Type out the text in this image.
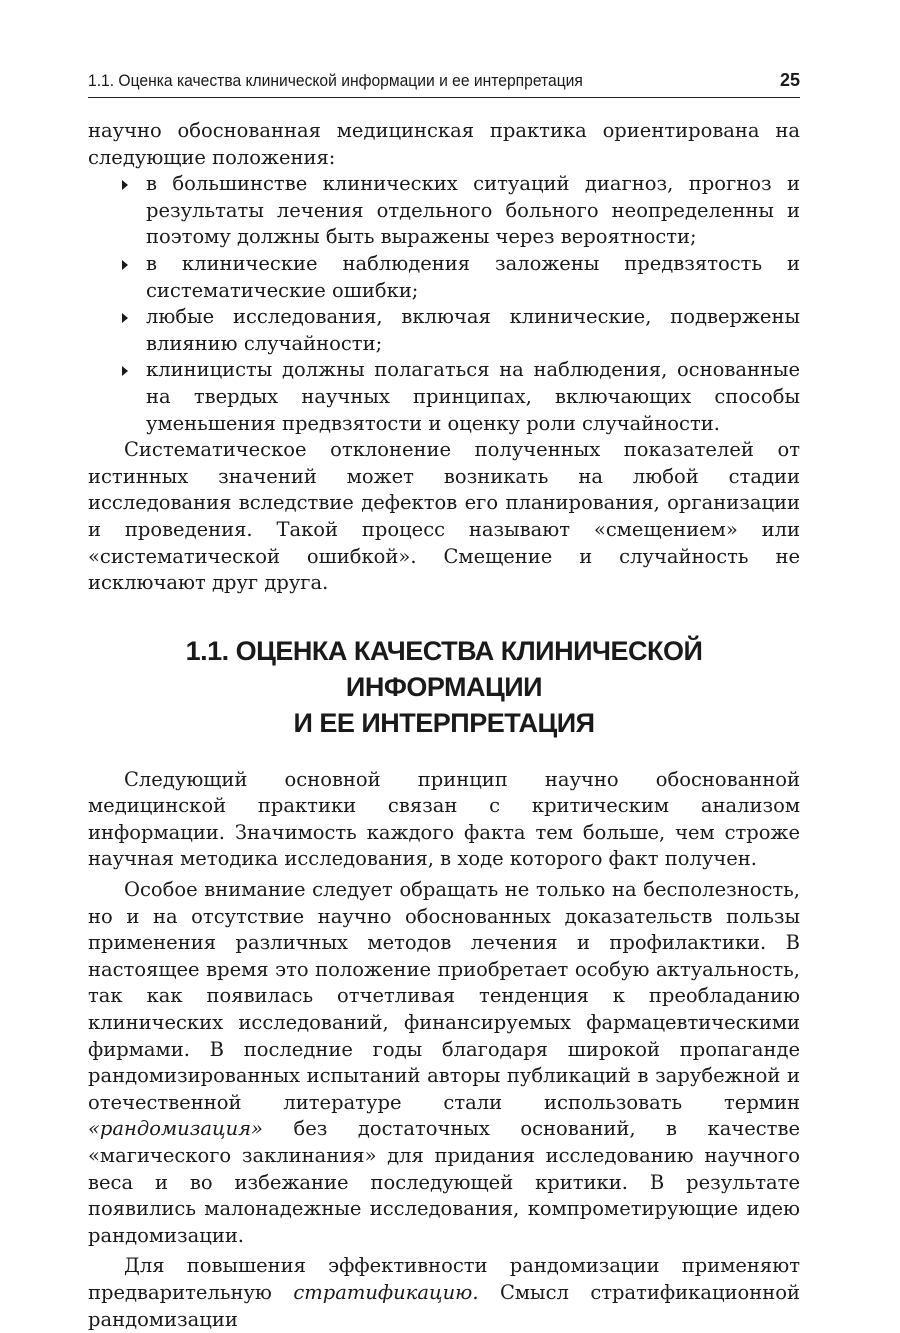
1.1. Оценка качества клинической информации и ее интерпретация	25

научно обоснованная медицинская практика ориентирована на следующие положения:

в большинстве клинических ситуаций диагноз, прогноз и результаты лечения отдельного больного неопределенны и поэтому должны быть выражены через вероятности;
в клинические наблюдения заложены предвзятость и систематические ошибки;
любые исследования, включая клинические, подвержены влиянию случайности;
клиницисты должны полагаться на наблюдения, основанные на твердых научных принципах, включающих способы уменьшения предвзятости и оценку роли случайности.

Систематическое отклонение полученных показателей от истинных значений может возникать на любой стадии исследования вследствие дефектов его планирования, организации и проведения. Такой процесс называют «смещением» или «систематической ошибкой». Смещение и случайность не исключают друг друга.

1.1. ОЦЕНКА КАЧЕСТВА КЛИНИЧЕСКОЙ ИНФОРМАЦИИ
И ЕЕ ИНТЕРПРЕТАЦИЯ

Следующий основной принцип научно обоснованной медицинской практики связан с критическим анализом информации. Значимость каждого факта тем больше, чем строже научная методика исследования, в ходе которого факт получен.

Особое внимание следует обращать не только на бесполезность, но и на отсутствие научно обоснованных доказательств пользы применения различных методов лечения и профилактики. В настоящее время это положение приобретает особую актуальность, так как появилась отчетливая тенденция к преобладанию клинических исследований, финансируемых фармацевтическими фирмами. В последние годы благодаря широкой пропаганде рандомизированных испытаний авторы публикаций в зарубежной и отечественной литературе стали использовать термин «рандомизация» без достаточных оснований, в качестве «магического заклинания» для придания исследованию научного веса и во избежание последующей критики. В результате появились малонадежные исследования, компрометирующие идею рандомизации.

Для повышения эффективности рандомизации применяют предварительную стратификацию. Смысл стратификационной рандомизации
